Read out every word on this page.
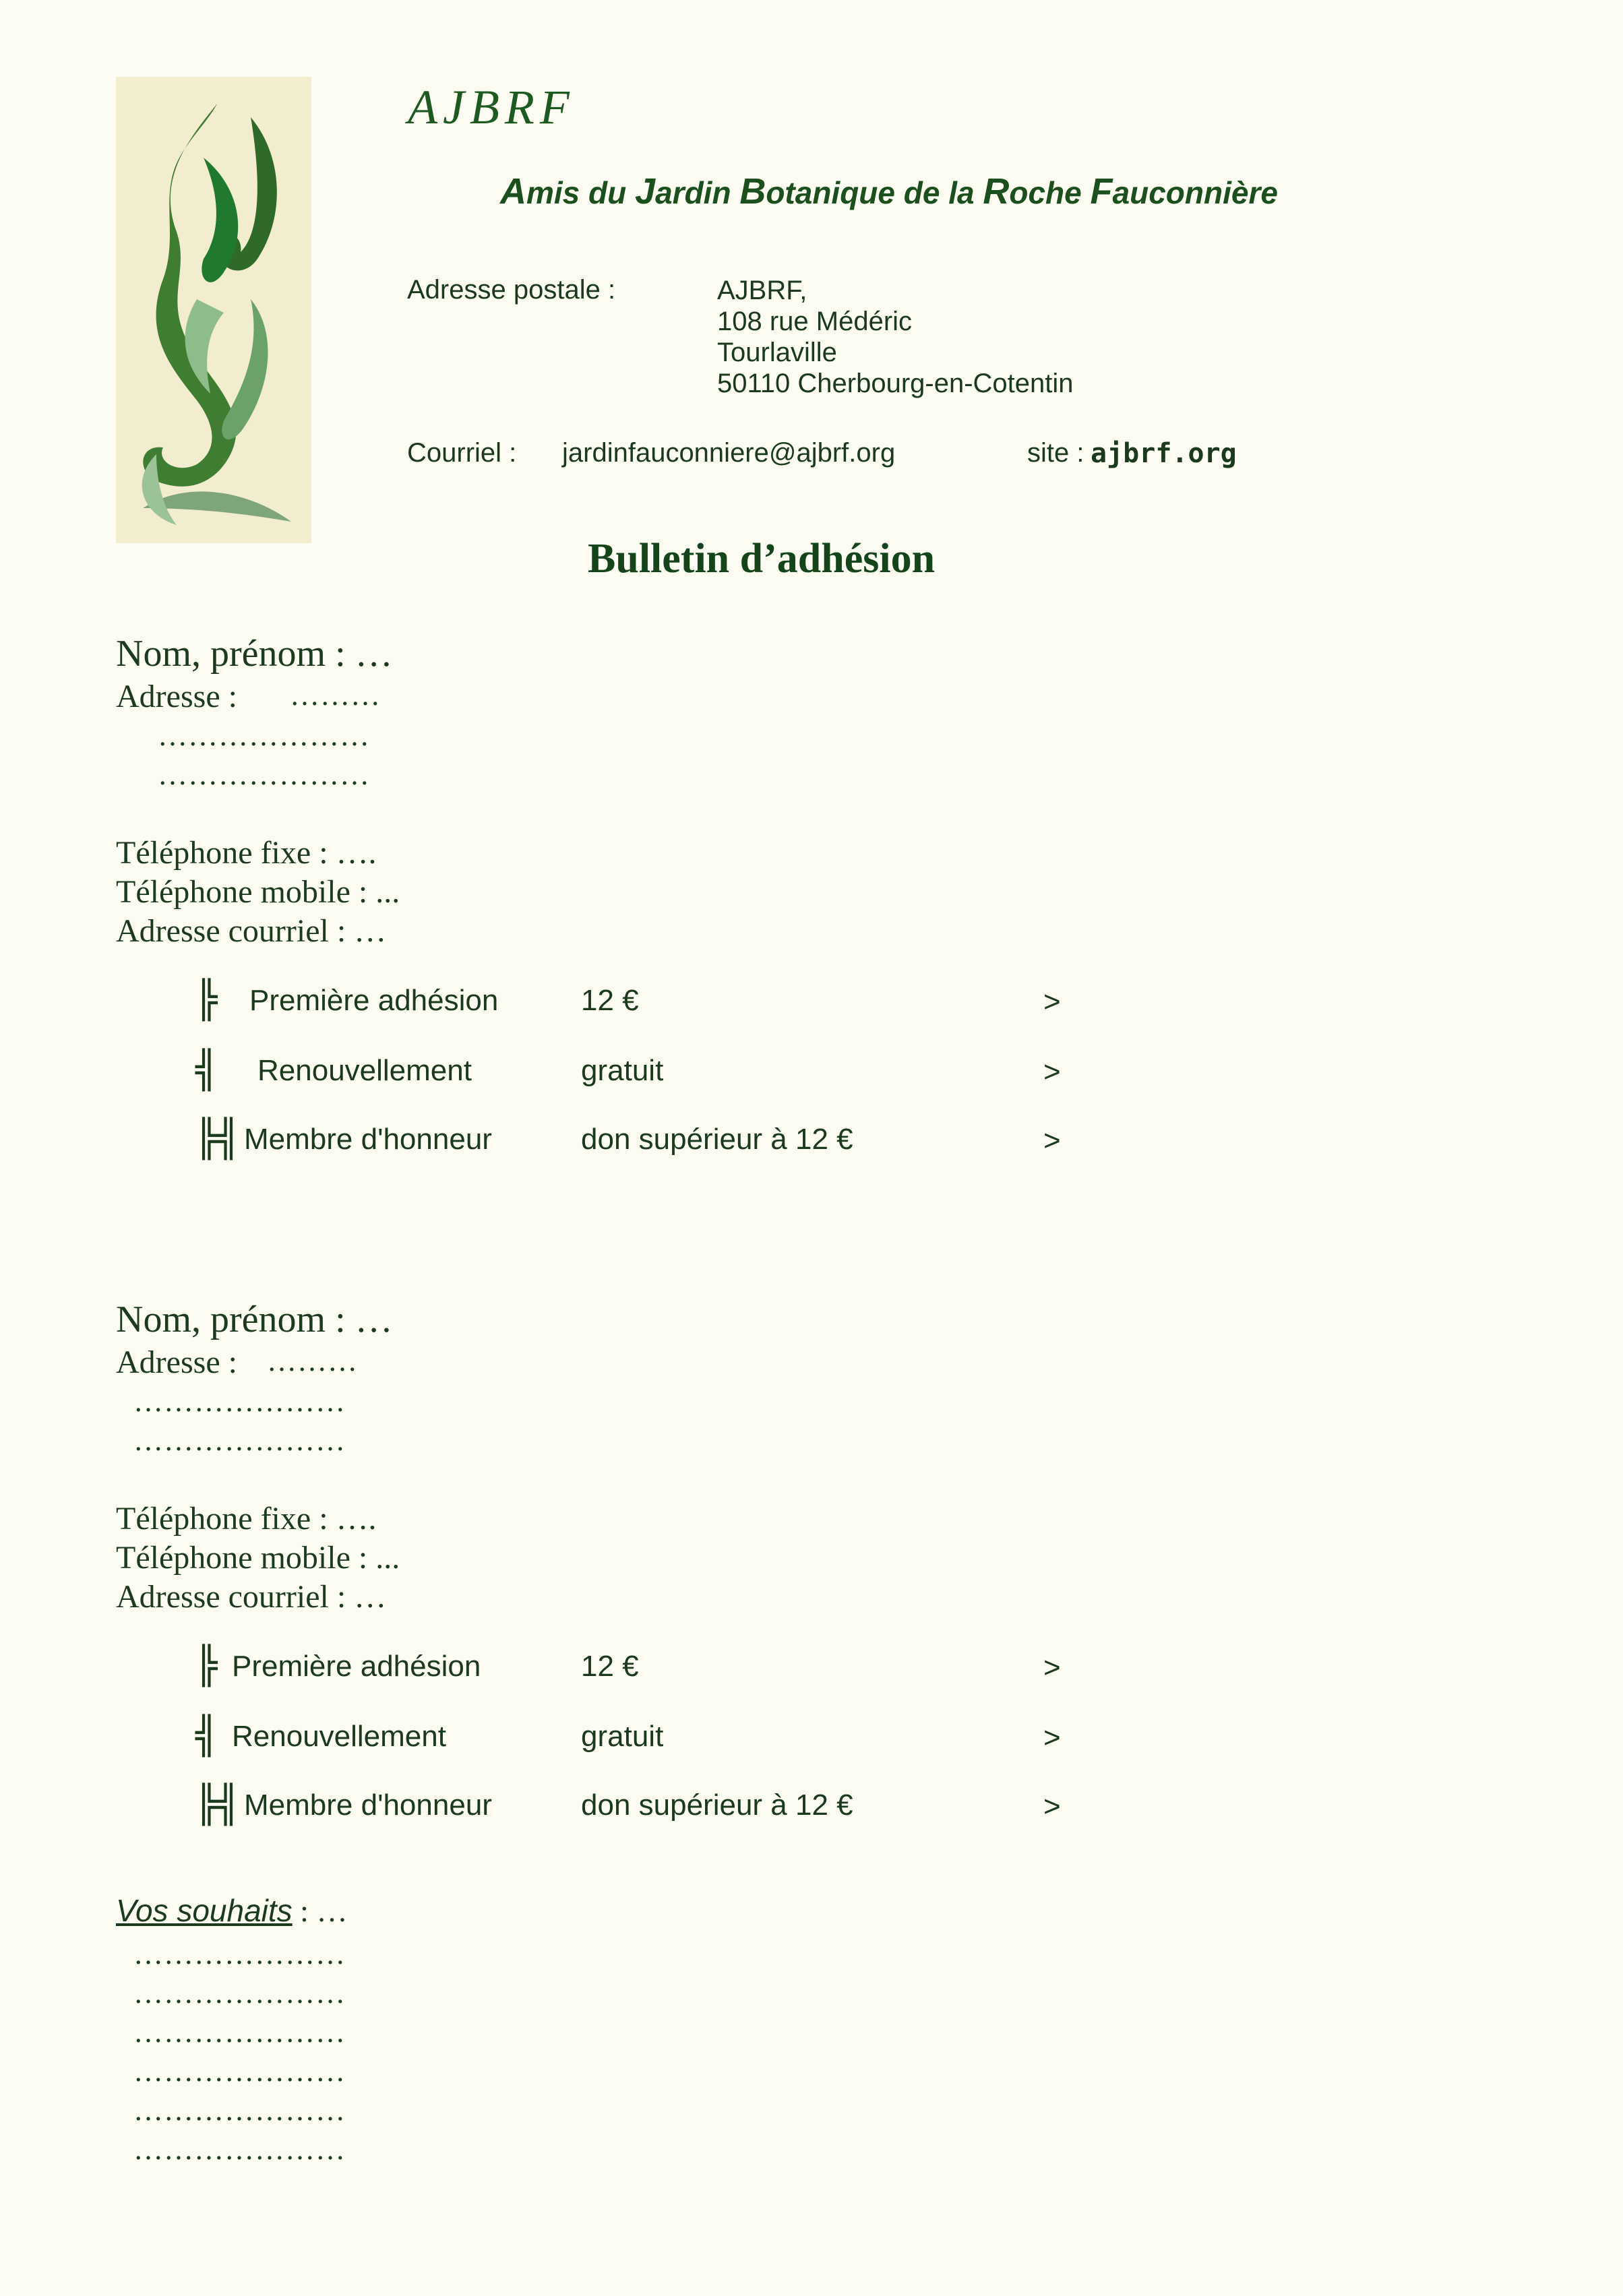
AJBRF
Amis du Jardin Botanique de la Roche Fauconnière
Adresse postale :	AJBRF,
108 rue Médéric
Tourlaville
50110 Cherbourg-en-Cotentin
Courriel : jardinfauconniere@ajbrf.org	site : ajbrf.org
Bulletin d’adhésion
Nom, prénom : …
Adresse : ………
…………………
…………………
Téléphone fixe : ….
Téléphone mobile : ...
Adresse courriel : …
╠ Première adhésion	12 €	>
╣ Renouvellement	gratuit	>
╠╣ Membre d'honneur	don supérieur à 12 €	>
Nom, prénom : …
Adresse : ………
…………………
…………………
Téléphone fixe : ….
Téléphone mobile : ...
Adresse courriel : …
╠ Première adhésion	12 €	>
╣ Renouvellement	gratuit	>
╠╣ Membre d'honneur	don supérieur à 12 €	>
Vos souhaits : …
…………………
…………………
…………………
…………………
…………………
…………………
